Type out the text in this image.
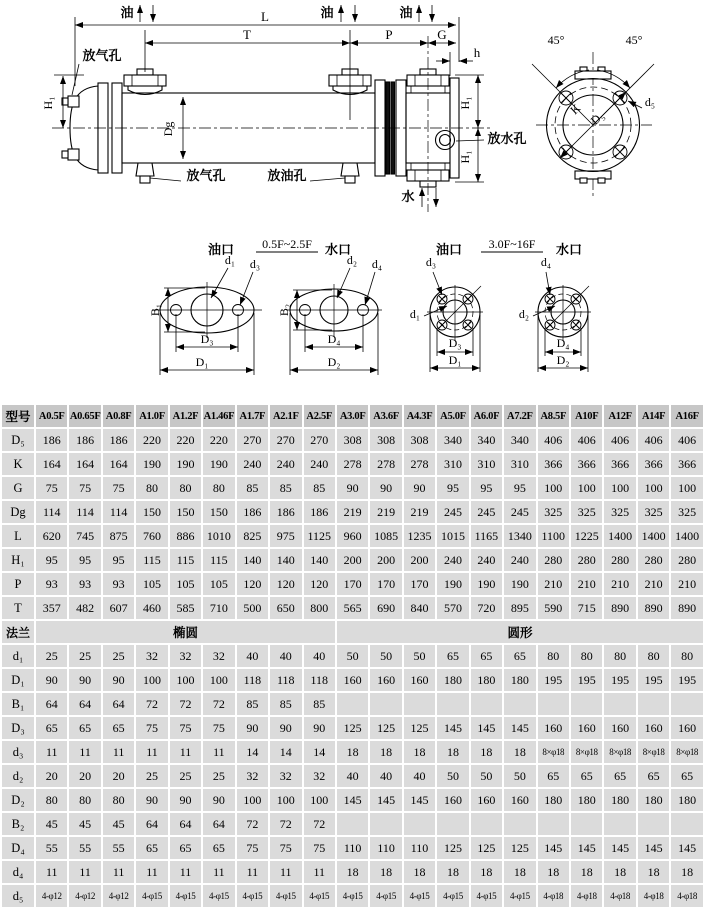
油	油	油
L
T	P	G
h
放气孔
H₁
Dg
放气孔	放油孔
水
H₁
H₁
放水孔
45°	45°
K D₅
d₅
油口 0.5F~2.5F 水口
d₁ d₃
B₁
D₃
D₁
d₂ d₄
B₂
D₄
D₂
油口 3.0F~16F 水口
d₃
d₁
D₃
D₁
d₄
d₂
D₄
D₂
型号	A0.5F	A0.65F	A0.8F	A1.0F	A1.2F	A1.46F	A1.7F	A2.1F	A2.5F	A3.0F	A3.6F	A4.3F	A5.0F	A6.0F	A7.2F	A8.5F	A10F	A12F	A14F	A16F
D₅	186	186	186	220	220	220	270	270	270	308	308	308	340	340	340	406	406	406	406	406
K	164	164	164	190	190	190	240	240	240	278	278	278	310	310	310	366	366	366	366	366
G	75	75	75	80	80	80	85	85	85	90	90	90	95	95	95	100	100	100	100	100
Dg	114	114	114	150	150	150	186	186	186	219	219	219	245	245	245	325	325	325	325	325
L	620	745	875	760	886	1010	825	975	1125	960	1085	1235	1015	1165	1340	1100	1225	1400	1400	1400
H₁	95	95	95	115	115	115	140	140	140	200	200	200	240	240	240	280	280	280	280	280
P	93	93	93	105	105	105	120	120	120	170	170	170	190	190	190	210	210	210	210	210
T	357	482	607	460	585	710	500	650	800	565	690	840	570	720	895	590	715	890	890	890
法兰	椭圆									圆形										
d₁	25	25	25	32	32	32	40	40	40	50	50	50	65	65	65	80	80	80	80	80
D₁	90	90	90	100	100	100	118	118	118	160	160	160	180	180	180	195	195	195	195	195
B₁	64	64	64	72	72	72	85	85	85											
D₃	65	65	65	75	75	75	90	90	90	125	125	125	145	145	145	160	160	160	160	160
d₃	11	11	11	11	11	11	14	14	14	18	18	18	18	18	18	8×φ18	8×φ18	8×φ18	8×φ18	8×φ18
d₂	20	20	20	25	25	25	32	32	32	40	40	40	50	50	50	65	65	65	65	65
D₂	80	80	80	90	90	90	100	100	100	145	145	145	160	160	160	180	180	180	180	180
B₂	45	45	45	64	64	64	72	72	72											
D₄	55	55	55	65	65	65	75	75	75	110	110	110	125	125	125	145	145	145	145	145
d₄	11	11	11	11	11	11	11	11	11	18	18	18	18	18	18	18	18	18	18	18
d₅	4-φ12	4-φ12	4-φ12	4-φ15	4-φ15	4-φ15	4-φ15	4-φ15	4-φ15	4-φ15	4-φ15	4-φ15	4-φ15	4-φ15	4-φ15	4-φ18	4-φ18	4-φ18	4-φ18	4-φ18
